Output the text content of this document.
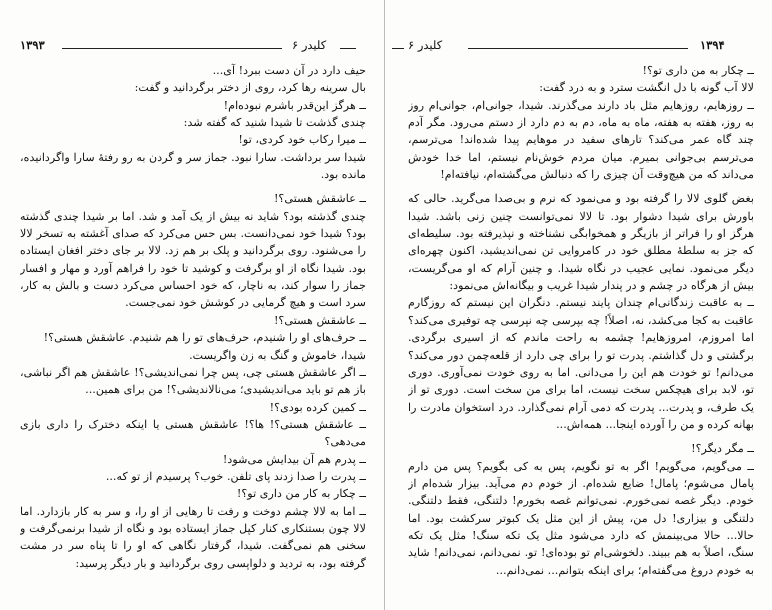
۱۳۹۳	کلیدر ۶

حیف دارد در آن دست ببرد! آی...

بال سرینه رها کرد، روی از دختر برگردانید و گفت:

ــ هرگز این‌قدر باشرم نبوده‌ام!

چندی گذشت تا شیدا شنید که گفته شد:

ــ میرا رکاب خود کردی، تو!

شیدا سر برداشت. سارا نبود. جماز سر و گردن به رو رفتهٔ سارا واگردانیده، مانده بود.

ــ عاشقش هستی؟!

چندی گذشته بود؟ شاید نه بیش از یک آمد و شد. اما بر شیدا چندی گذشته بود؟ شیدا خود نمی‌دانست. بس حس می‌کرد که صدای آغشته به تسخر لالا را می‌شنود. روی برگردانید و پلک بر هم زد. لالا بر جای دختر افغان ایستاده بود. شیدا نگاه از او برگرفت و کوشید تا خود را فراهم آورد و مهار و افسار جماز را سوار کند، به ناچار، که خود احساس می‌کرد دست و بالش به کار، سرد است و هیچ گرمایی در کوشش خود نمی‌جست.

ــ عاشقش هستی؟!

ــ حرف‌های او را شنیدم، حرف‌های تو را هم شنیدم. عاشقش هستی؟!

شیدا، خاموش و گنگ به زن واگریست.

ــ اگر عاشقش هستی چی، پس چرا نمی‌اندیشی؟! عاشقش هم اگر نباشی، باز هم تو باید می‌اندیشیدی؛ می‌نالاندیشی؟! من برای همین...

ــ کمین کرده بودی؟!

ــ عاشقش هستی؟! ها؟! عاشقش هستی یا اینکه دخترک را داری بازی می‌دهی؟

ــ پدرم هم آن بیدایش می‌شود!

ــ پدرت را صدا زدند پای تلفن. خوب؟ پرسیدم از تو که...

ــ چکار به کار من داری تو؟!

ــ اما به لالا چشم دوخت و رفت تا رهایی از او را، و سر به کار بازدارد. اما لالا چون بستنکاری کنار کپل جماز ایستاده بود و نگاه از شیدا برنمی‌گرفت و سخنی هم نمی‌گفت. شیدا، گرفتار نگاهی که او را تا پناه سر در مشت گرفته بود، به تردید و دلواپسی روی برگردانید و بار دیگر پرسید:

کلیدر ۶	۱۳۹۴

ــ چکار به من داری تو؟!

لالا آب گونه با دل انگشت سترد و به درد گفت:

ــ روزهایم، روزهایم مثل باد دارند می‌گذرند. شیدا، جوانی‌ام، جوانی‌ام روز به روز، هفته به هفته، ماه به ماه، دم به دم دارد از دستم می‌رود. مگر آدم چند گاه عمر می‌کند؟ تارهای سفید در مو‌هایم پیدا شده‌اند! می‌ترسم، می‌ترسم بی‌جوانی بمیرم. میان مردم خوش‌نام نیستم، اما خدا خودش می‌داند که من هیچ‌وقت آن چیزی را که دنبالش می‌گشته‌ام، نیافته‌ام!

بغض گلوی لالا را گرفته بود و می‌نمود که نرم و بی‌صدا می‌گرید. حالی که باورش برای شیدا دشوار بود. تا لالا نمی‌توانست چنین زنی باشد. شیدا هرگز او را فراتر از بازیگر و همخوابگی نشناخته و نپذیرفته بود. سلیطه‌ای که جز به سلطهٔ مطلق خود در کامروایی تن نمی‌اندیشید، اکنون چهره‌ای دیگر می‌نمود. نمایی عجیب در نگاه شیدا. و چنین آرام که او می‌گریست، بیش از هرگاه در چشم و در پندار شیدا غریب و بیگانه‌اش می‌نمود:

ــ به عاقبت زندگانی‌ام چندان پایند نیستم. دنگران این نیستم که روزگارم عاقبت به کجا می‌کشد، نه، اصلاً! چه بپرسی چه نپرسی چه توفیری می‌کند؟ اما امروزم، امروزهایم! چشمه به راحت ماندم که از اسیری برگردی. برگشتی و دل گذاشتم. پدرت تو را برای چی دارد از قلعه‌چمن دور می‌کند؟ می‌دانم! تو خودت هم این را می‌دانی. اما به روی خودت نمی‌آوری. دوری تو، لابد برای هیچکس سخت نیست، اما برای من سخت است. دوری تو از یک طرف، و پدرت... پدرت که دمی آرام نمی‌گذارد. درد استخوان مادرت را بهانه کرده و من را آورده اینجا... همه‌اش...

ــ مگر دیگر؟!

ــ می‌گویم، می‌گویم! اگر به تو نگویم، پس به کی بگویم؟ پس من دارم پامال می‌شوم؛ پامال! ضایع شده‌ام. از خودم دم می‌آید. بیزار شده‌ام از خودم. دیگر غصه نمی‌خورم. نمی‌توانم غصه بخورم! دلتنگی، فقط دلتنگی. دلتنگی و بیزاری! دل من، پیش از این مثل یک کبوتر سرکشت بود. اما حالا... حالا می‌بینمش که دارد می‌شود مثل یک تکه سنگ! مثل یک تکه سنگ، اصلاً به هم ببیند. دلخوشی‌ام تو بوده‌ای! تو. نمی‌دانم، نمی‌دانم! شاید به خودم دروغ می‌گفته‌ام؛ برای اینکه بتوانم... نمی‌دانم...
